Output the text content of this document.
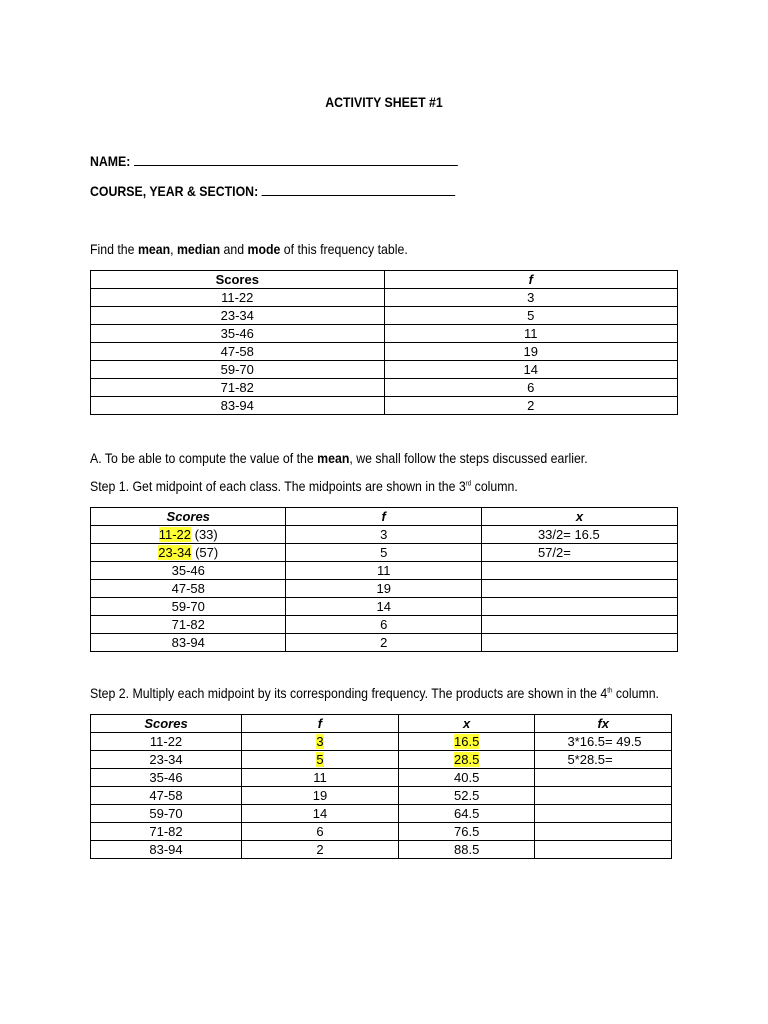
ACTIVITY SHEET #1
NAME:
COURSE, YEAR & SECTION:
Find the mean, median and mode of this frequency table.
Scores	f
11-22	3
23-34	5
35-46	11
47-58	19
59-70	14
71-82	6
83-94	2
A. To be able to compute the value of the mean, we shall follow the steps discussed earlier.
Step 1. Get midpoint of each class. The midpoints are shown in the 3rd column.
Scores	f	x
11-22 (33)	3	33/2= 16.5
23-34 (57)	5	57/2=
35-46	11	
47-58	19	
59-70	14	
71-82	6	
83-94	2	
Step 2. Multiply each midpoint by its corresponding frequency. The products are shown in the 4th column.
Scores	f	x	fx
11-22	3	16.5	3*16.5= 49.5
23-34	5	28.5	5*28.5=
35-46	11	40.5	
47-58	19	52.5	
59-70	14	64.5	
71-82	6	76.5	
83-94	2	88.5	
